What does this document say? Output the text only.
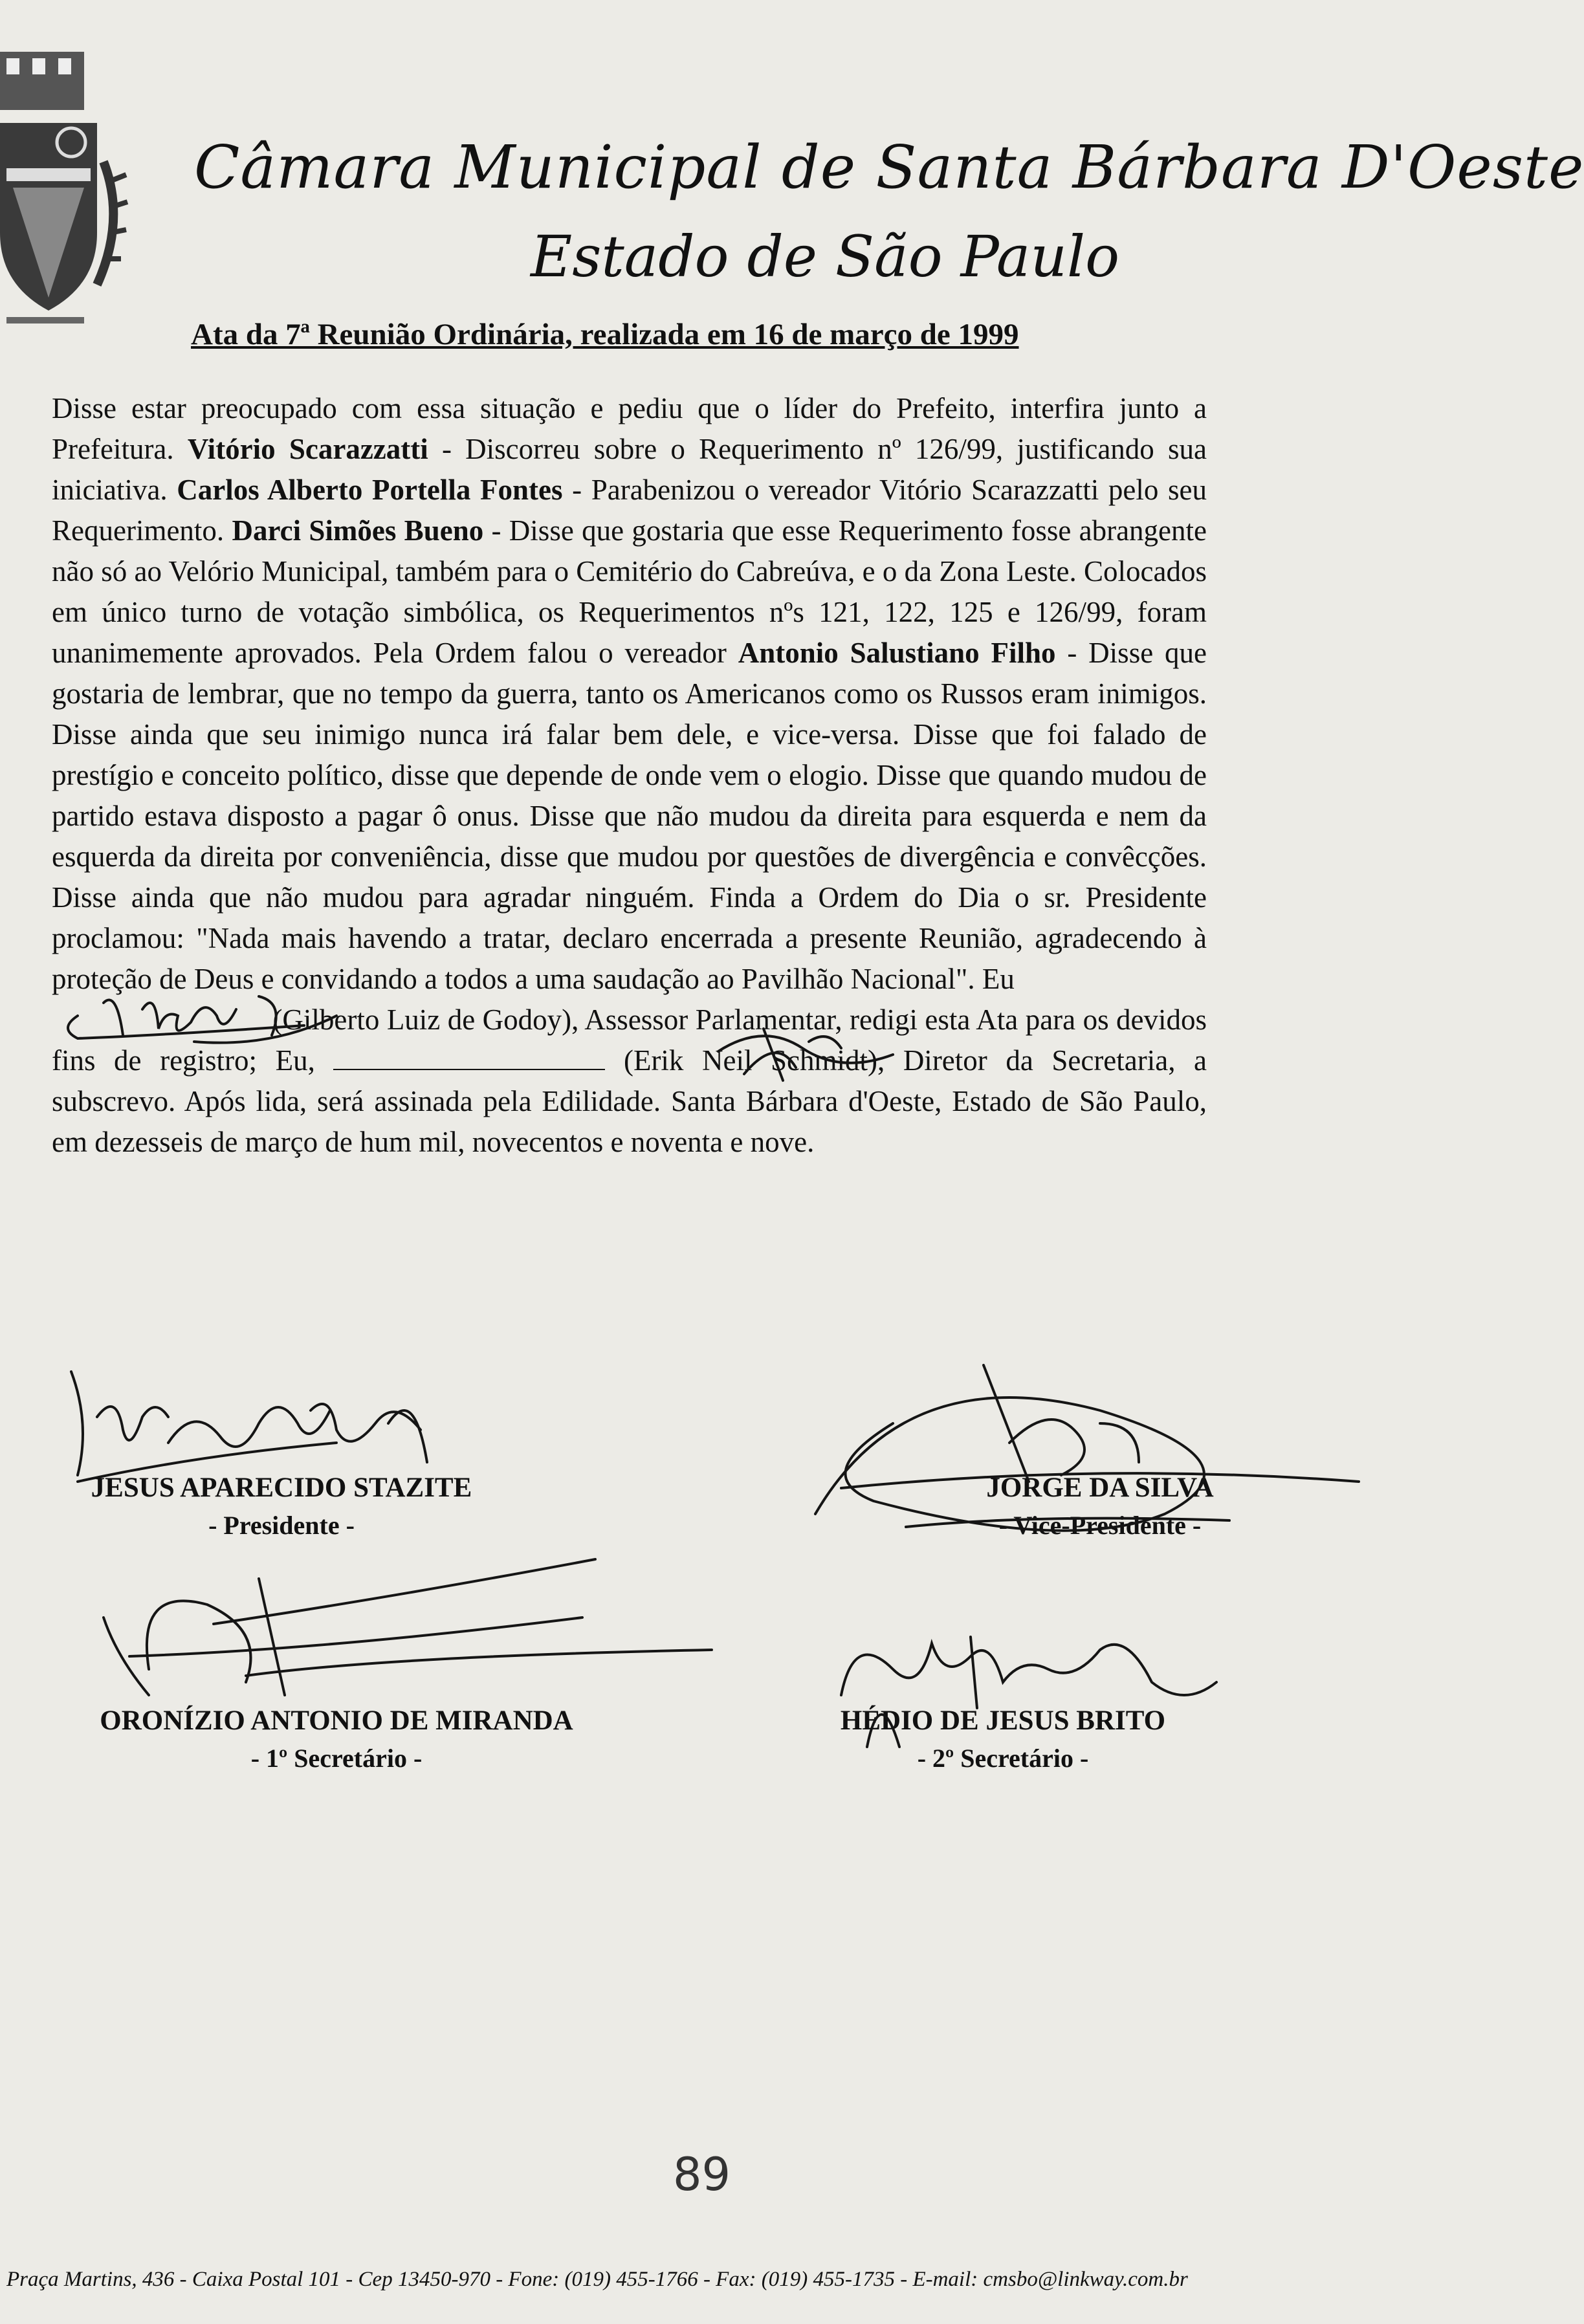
Câmara Municipal de Santa Bárbara D'Oeste
Estado de São Paulo
Ata da 7ª Reunião Ordinária, realizada em 16 de março de 1999
Disse estar preocupado com essa situação e pediu que o líder do Prefeito, interfira junto a Prefeitura. Vitório Scarazzatti - Discorreu sobre o Requerimento nº 126/99, justificando sua iniciativa. Carlos Alberto Portella Fontes - Parabenizou o vereador Vitório Scarazzatti pelo seu Requerimento. Darci Simões Bueno - Disse que gostaria que esse Requerimento fosse abrangente não só ao Velório Municipal, também para o Cemitério do Cabreúva, e o da Zona Leste. Colocados em único turno de votação simbólica, os Requerimentos nºs 121, 122, 125 e 126/99, foram unanimemente aprovados. Pela Ordem falou o vereador Antonio Salustiano Filho - Disse que gostaria de lembrar, que no tempo da guerra, tanto os Americanos como os Russos eram inimigos. Disse ainda que seu inimigo nunca irá falar bem dele, e vice-versa. Disse que foi falado de prestígio e conceito político, disse que depende de onde vem o elogio. Disse que quando mudou de partido estava disposto a pagar ô onus. Disse que não mudou da direita para esquerda e nem da esquerda da direita por conveniência, disse que mudou por questões de divergência e convêcções. Disse ainda que não mudou para agradar ninguém. Finda a Ordem do Dia o sr. Presidente proclamou: "Nada mais havendo a tratar, declaro encerrada a presente Reunião, agradecendo à proteção de Deus e convidando a todos a uma saudação ao Pavilhão Nacional". Eu
(Gilberto Luiz de Godoy), Assessor Parlamentar, redigi esta Ata para os devidos fins de registro; Eu,	(Erik Neil Schmidt), Diretor da Secretaria, a subscrevo. Após lida, será assinada pela Edilidade. Santa Bárbara d'Oeste, Estado de São Paulo, em dezesseis de março de hum mil, novecentos e noventa e nove.
JESUS APARECIDO STAZITE
- Presidente -
JORGE DA SILVA
- Vice-Presidente -
ORONÍZIO ANTONIO DE MIRANDA
- 1º Secretário -
HÉDIO DE JESUS BRITO
- 2º Secretário -
89
Praça Martins, 436 - Caixa Postal 101 - Cep 13450-970 - Fone: (019) 455-1766 - Fax: (019) 455-1735 - E-mail: cmsbo@linkway.com.br
